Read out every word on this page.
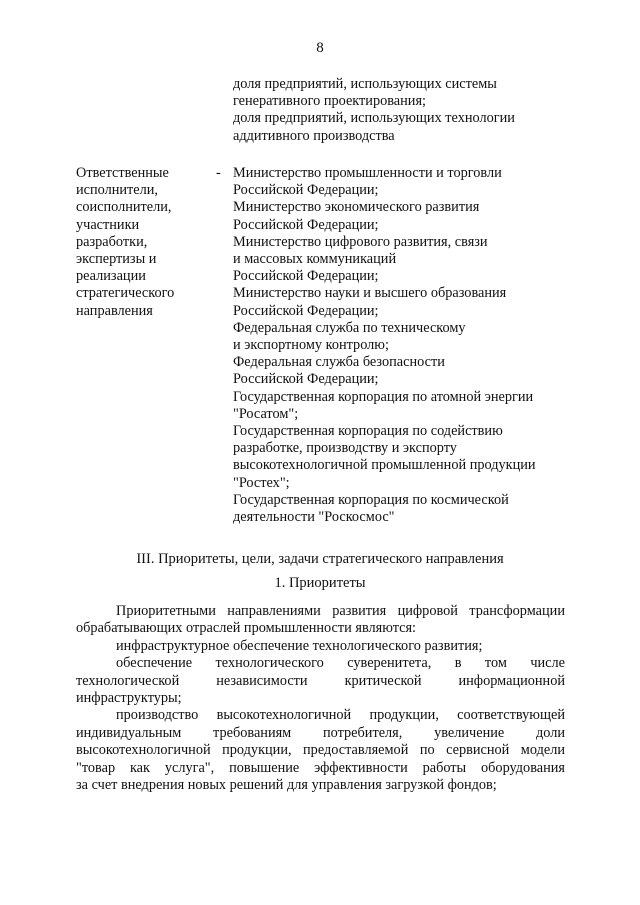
8
доля предприятий, использующих системы
генеративного проектирования;
доля предприятий, использующих технологии
аддитивного производства
Ответственные
исполнители,
соисполнители,
участники
разработки,
экспертизы и
реализации
стратегического
направления
- Министерство промышленности и торговли
Российской Федерации;
Министерство экономического развития
Российской Федерации;
Министерство цифрового развития, связи
и массовых коммуникаций
Российской Федерации;
Министерство науки и высшего образования
Российской Федерации;
Федеральная служба по техническому
и экспортному контролю;
Федеральная служба безопасности
Российской Федерации;
Государственная корпорация по атомной энергии
"Росатом";
Государственная корпорация по содействию
разработке, производству и экспорту
высокотехнологичной промышленной продукции
"Ростех";
Государственная корпорация по космической
деятельности "Роскосмос"
III. Приоритеты, цели, задачи стратегического направления
1. Приоритеты

Приоритетными направлениями развития цифровой трансформации

обрабатывающих отраслей промышленности являются:

инфраструктурное обеспечение технологического развития;

обеспечение технологического суверенитета, в том числе

технологической независимости критической информационной

инфраструктуры;

производство высокотехнологичной продукции, соответствующей

индивидуальным требованиям потребителя, увеличение доли

высокотехнологичной продукции, предоставляемой по сервисной модели

"товар как услуга", повышение эффективности работы оборудования

за счет внедрения новых решений для управления загрузкой фондов;
